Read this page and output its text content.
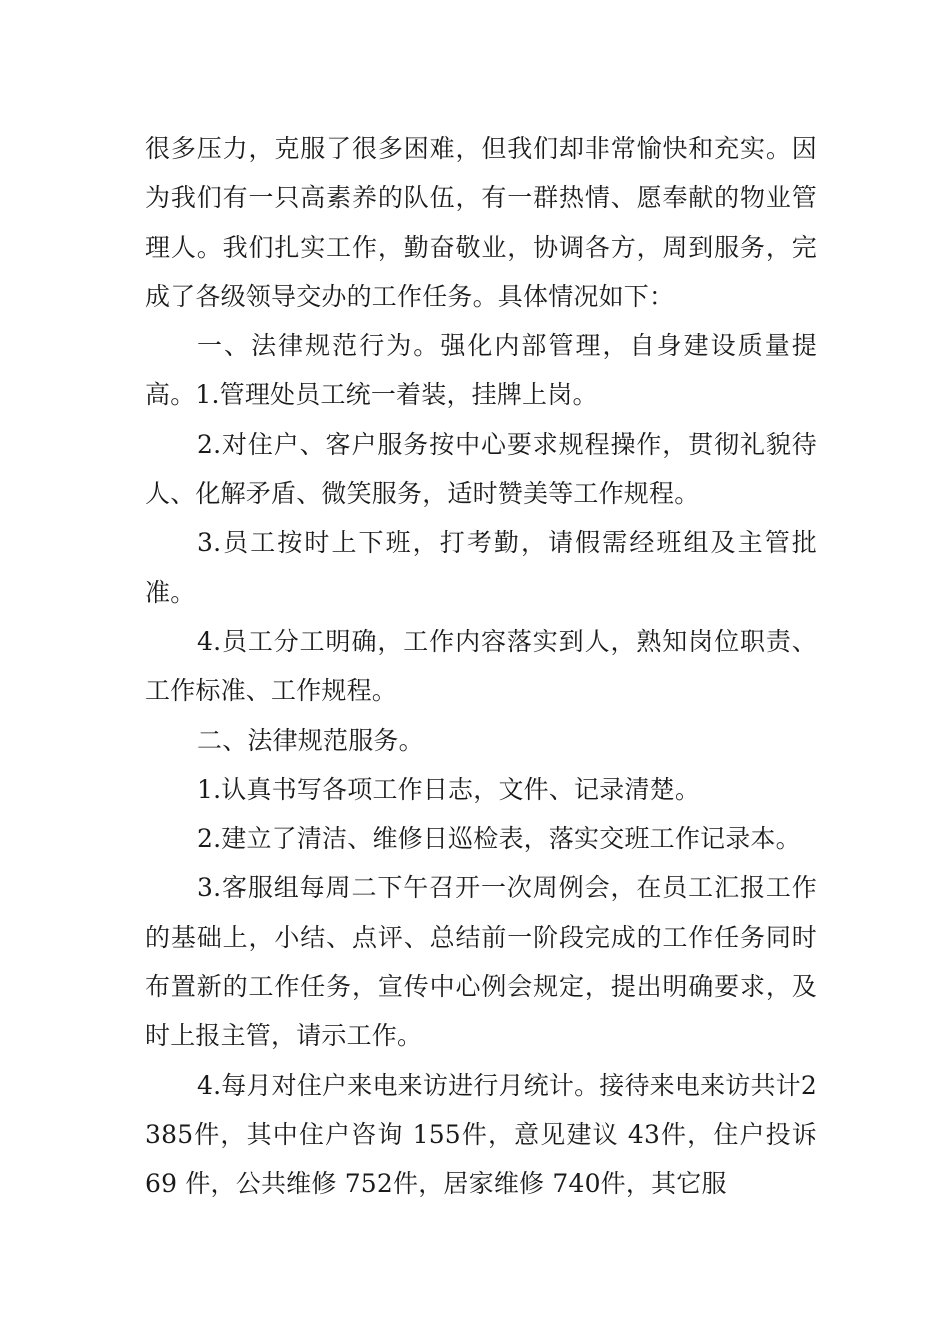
很多压力，克服了很多困难，但我们却非常愉快和充实。因为我们有一只高素养的队伍，有一群热情、愿奉献的物业管理人。我们扎实工作，勤奋敬业，协调各方，周到服务，完成了各级领导交办的工作任务。具体情况如下：

一、法律规范行为。强化内部管理，自身建设质量提高。1.管理处员工统一着装，挂牌上岗。

2.对住户、客户服务按中心要求规程操作，贯彻礼貌待人、化解矛盾、微笑服务，适时赞美等工作规程。

3.员工按时上下班，打考勤，请假需经班组及主管批准。

4.员工分工明确，工作内容落实到人，熟知岗位职责、工作标准、工作规程。

二、法律规范服务。

1.认真书写各项工作日志，文件、记录清楚。

2.建立了清洁、维修日巡检表，落实交班工作记录本。

3.客服组每周二下午召开一次周例会，在员工汇报工作的基础上，小结、点评、总结前一阶段完成的工作任务同时布置新的工作任务，宣传中心例会规定，提出明确要求，及时上报主管，请示工作。

4.每月对住户来电来访进行月统计。接待来电来访共计2385件，其中住户咨询 155件，意见建议 43件，住户投诉 69 件，公共维修 752件，居家维修 740件，其它服
